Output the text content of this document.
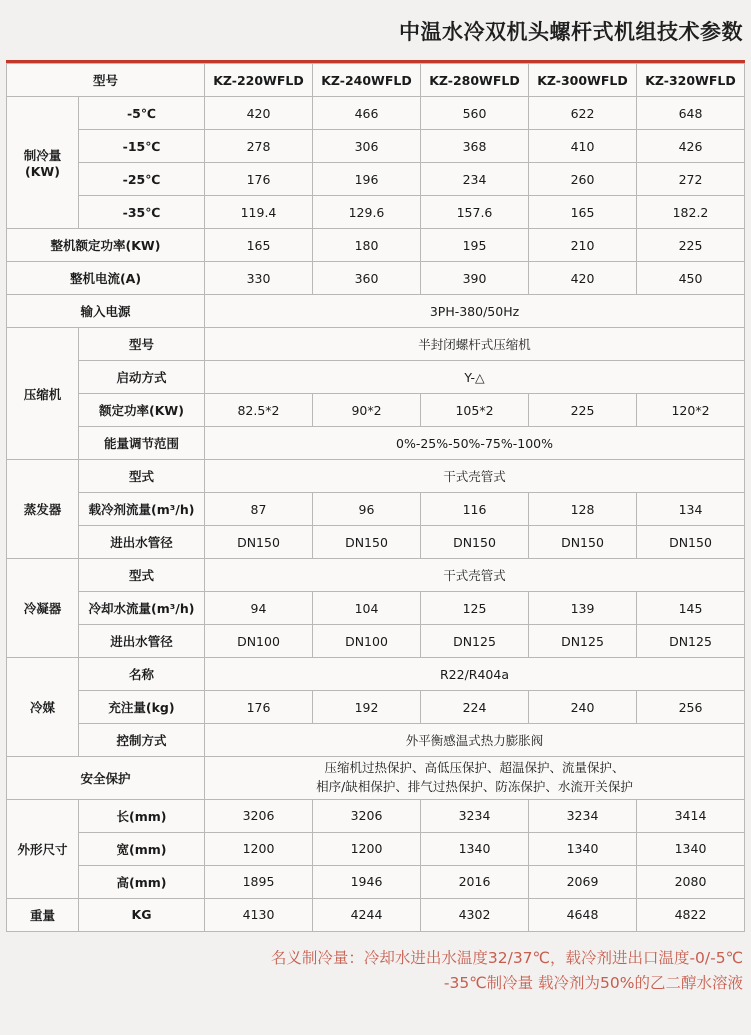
中温水冷双机头螺杆式机组技术参数
型号		KZ-220WFLD	KZ-240WFLD	KZ-280WFLD	KZ-300WFLD	KZ-320WFLD
制冷量(KW)	-5℃	420	466	560	622	648
	-15℃	278	306	368	410	426
	-25℃	176	196	234	260	272
	-35℃	119.4	129.6	157.6	165	182.2
整机额定功率(KW)		165	180	195	210	225
整机电流(A)		330	360	390	420	450
输入电源		3PH-380/50Hz				
压缩机	型号	半封闭螺杆式压缩机				
	启动方式	Y-△				
	额定功率(KW)	82.5*2	90*2	105*2	225	120*2
	能量调节范围	0%-25%-50%-75%-100%				
蒸发器	型式	干式壳管式				
	载冷剂流量(m³/h)	87	96	116	128	134
	进出水管径	DN150	DN150	DN150	DN150	DN150
冷凝器	型式	干式壳管式				
	冷却水流量(m³/h)	94	104	125	139	145
	进出水管径	DN100	DN100	DN125	DN125	DN125
冷媒	名称	R22/R404a				
	充注量(kg)	176	192	224	240	256
	控制方式	外平衡感温式热力膨胀阀				
安全保护		压缩机过热保护、高低压保护、超温保护、流量保护、
相序/缺相保护、排气过热保护、防冻保护、水流开关保护				

外形尺寸	长(mm)	3206	3206	3234	3234	3414
	宽(mm)	1200	1200	1340	1340	1340
	高(mm)	1895	1946	2016	2069	2080
重量	KG	4130	4244	4302	4648	4822
名义制冷量：冷却水进出水温度32/37℃，载冷剂进出口温度-0/-5℃
-35℃制冷量 载冷剂为50%的乙二醇水溶液
